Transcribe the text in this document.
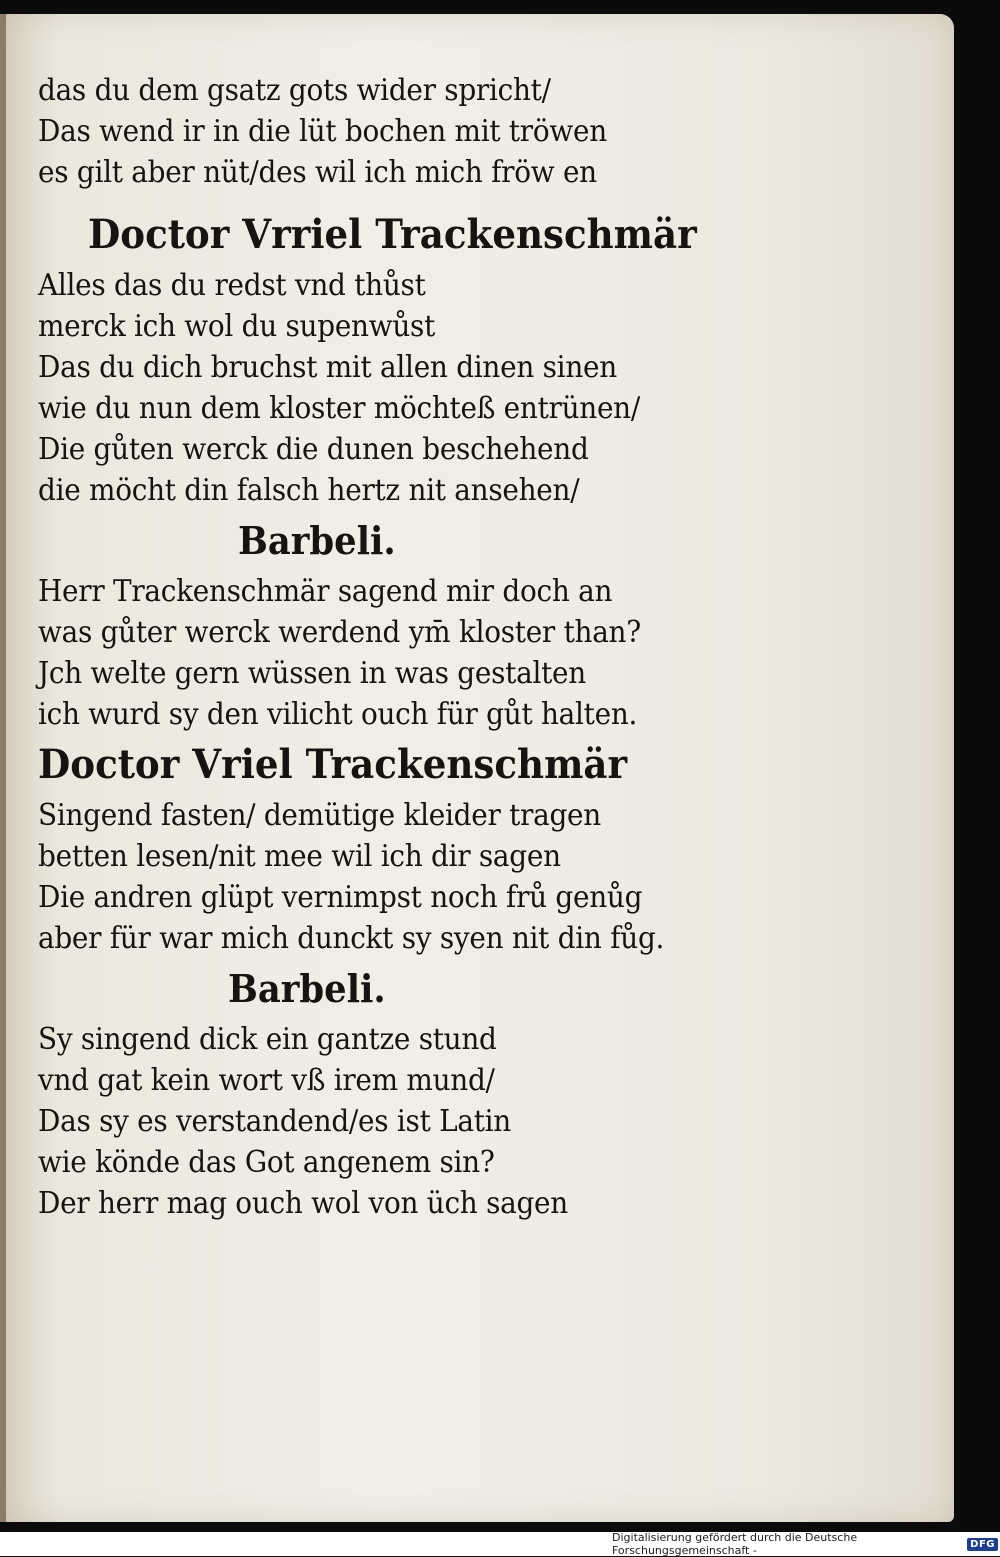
das du dem gsatz gots wider spricht/
Das wend ir in die lüt bochen mit tröwen
es gilt aber nüt/des wil ich mich fröw en
Doctor Vrriel Trackenschmär
Alles das du redst vnd thůst
merck ich wol du supenwůst
Das du dich bruchst mit allen dinen sinen
wie du nun dem kloster möchteß entrünen/
Die gůten werck die dunen beschehend
die möcht din falsch hertz nit ansehen/
Barbeli.
Herr Trackenschmär sagend mir doch an
was gůter werck werdend ym̄ kloster than?
Jch welte gern wüssen in was gestalten
ich wurd sy den vilicht ouch für gůt halten.
Doctor Vriel Trackenschmär
Singend fasten/ demütige kleider tragen
betten lesen/nit mee wil ich dir sagen
Die andren glüpt vernimpst noch frů genůg
aber für war mich dunckt sy syen nit din fůg.
Barbeli.
Sy singend dick ein gantze stund
vnd gat kein wort vß irem mund/
Das sy es verstandend/es ist Latin
wie könde das Got angenem sin?
Der herr mag ouch wol von üch sagen
Digitalisierung gefördert durch die Deutsche Forschungsgemeinschaft -	DFG
